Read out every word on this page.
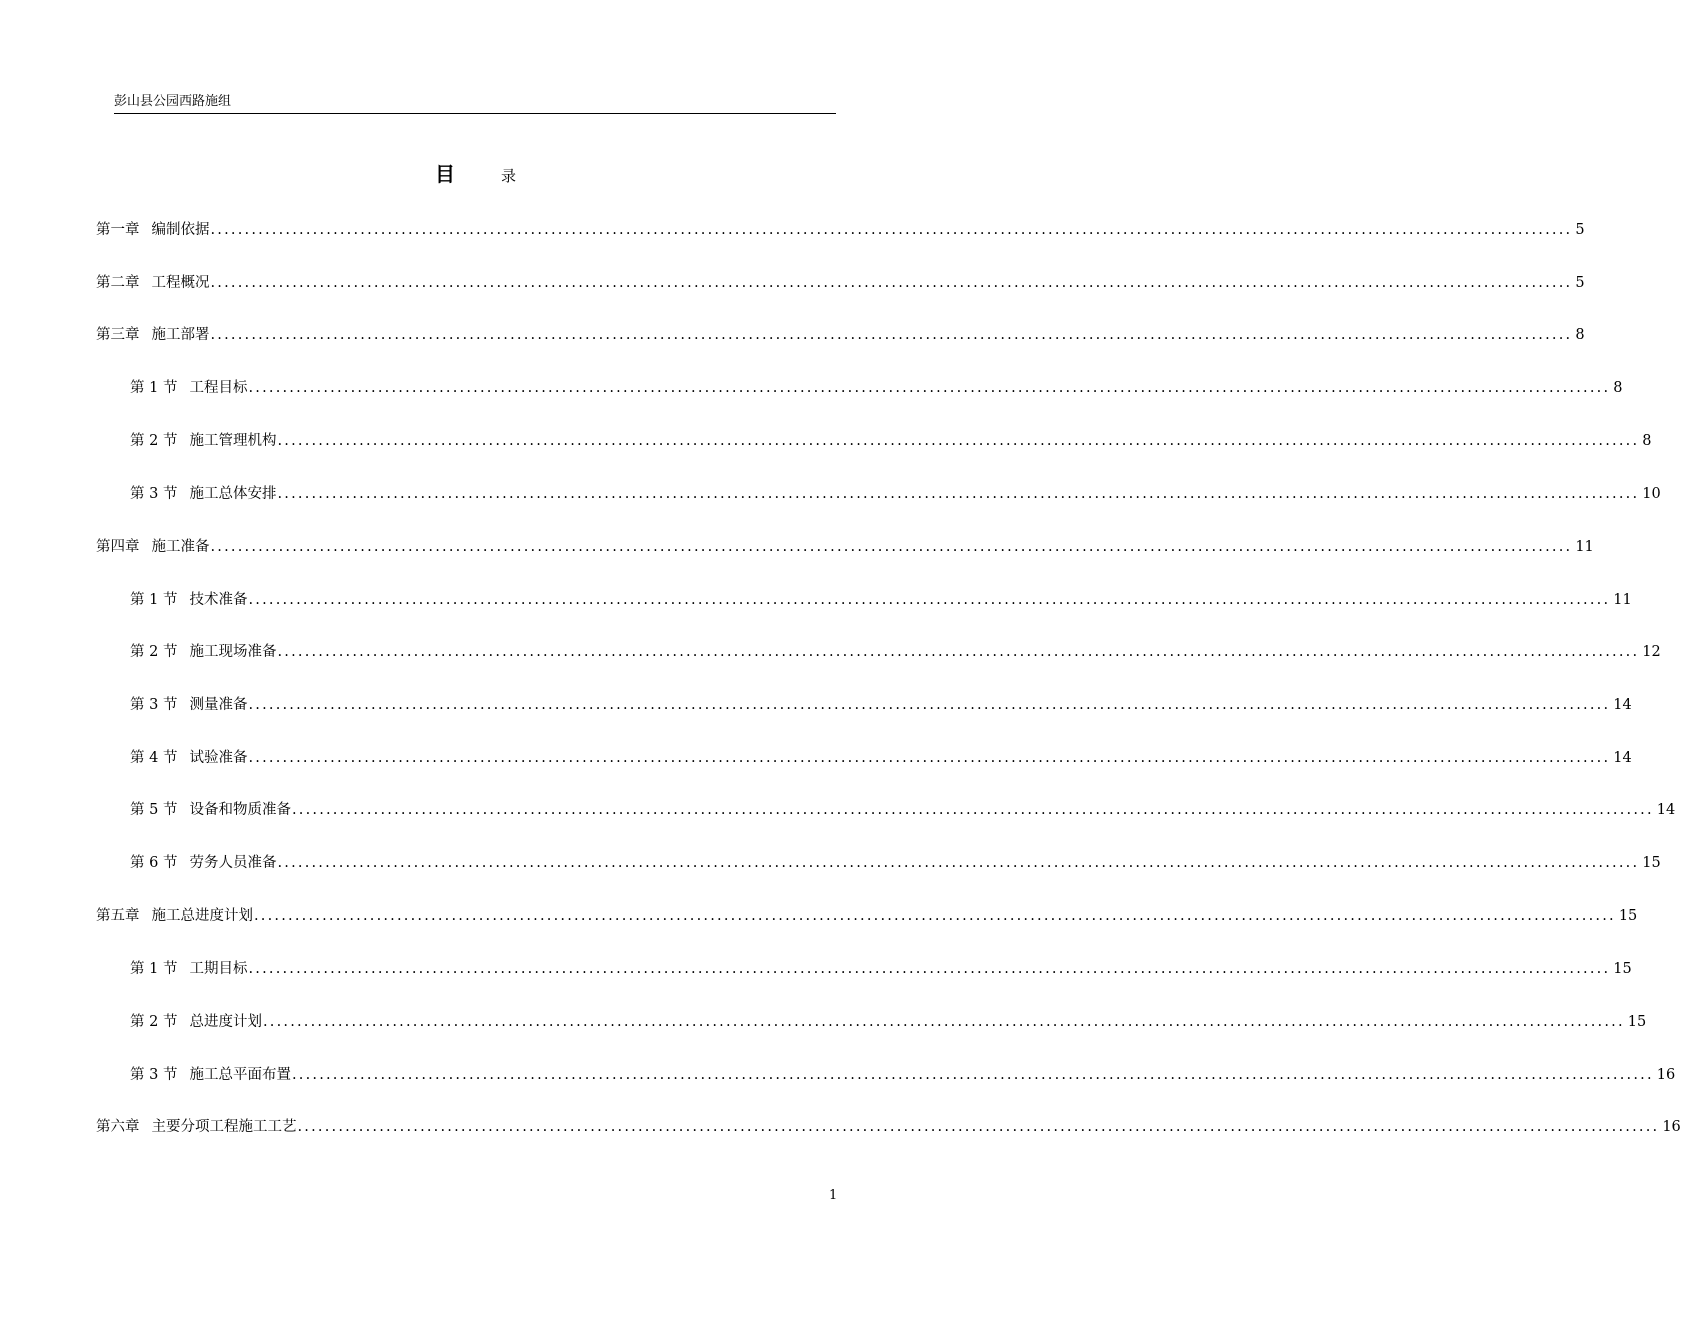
彭山县公园西路施组
目	录
第一章 编制依据 ........................................................................................................................................................................................................ 5
第二章 工程概况 ........................................................................................................................................................................................................ 5
第三章 施工部署 ........................................................................................................................................................................................................ 8
第 1 节 工程目标 ........................................................................................................................................................................................................ 8
第 2 节 施工管理机构 ........................................................................................................................................................................................................ 8
第 3 节 施工总体安排 ........................................................................................................................................................................................................ 10
第四章 施工准备 ........................................................................................................................................................................................................ 11
第 1 节 技术准备 ........................................................................................................................................................................................................ 11
第 2 节 施工现场准备 ........................................................................................................................................................................................................ 12
第 3 节 测量准备 ........................................................................................................................................................................................................ 14
第 4 节 试验准备 ........................................................................................................................................................................................................ 14
第 5 节 设备和物质准备 ........................................................................................................................................................................................................ 14
第 6 节 劳务人员准备 ........................................................................................................................................................................................................ 15
第五章 施工总进度计划 ........................................................................................................................................................................................................ 15
第 1 节 工期目标 ........................................................................................................................................................................................................ 15
第 2 节 总进度计划 ........................................................................................................................................................................................................ 15
第 3 节 施工总平面布置 ........................................................................................................................................................................................................ 16
第六章 主要分项工程施工工艺 ........................................................................................................................................................................................................ 16
1
